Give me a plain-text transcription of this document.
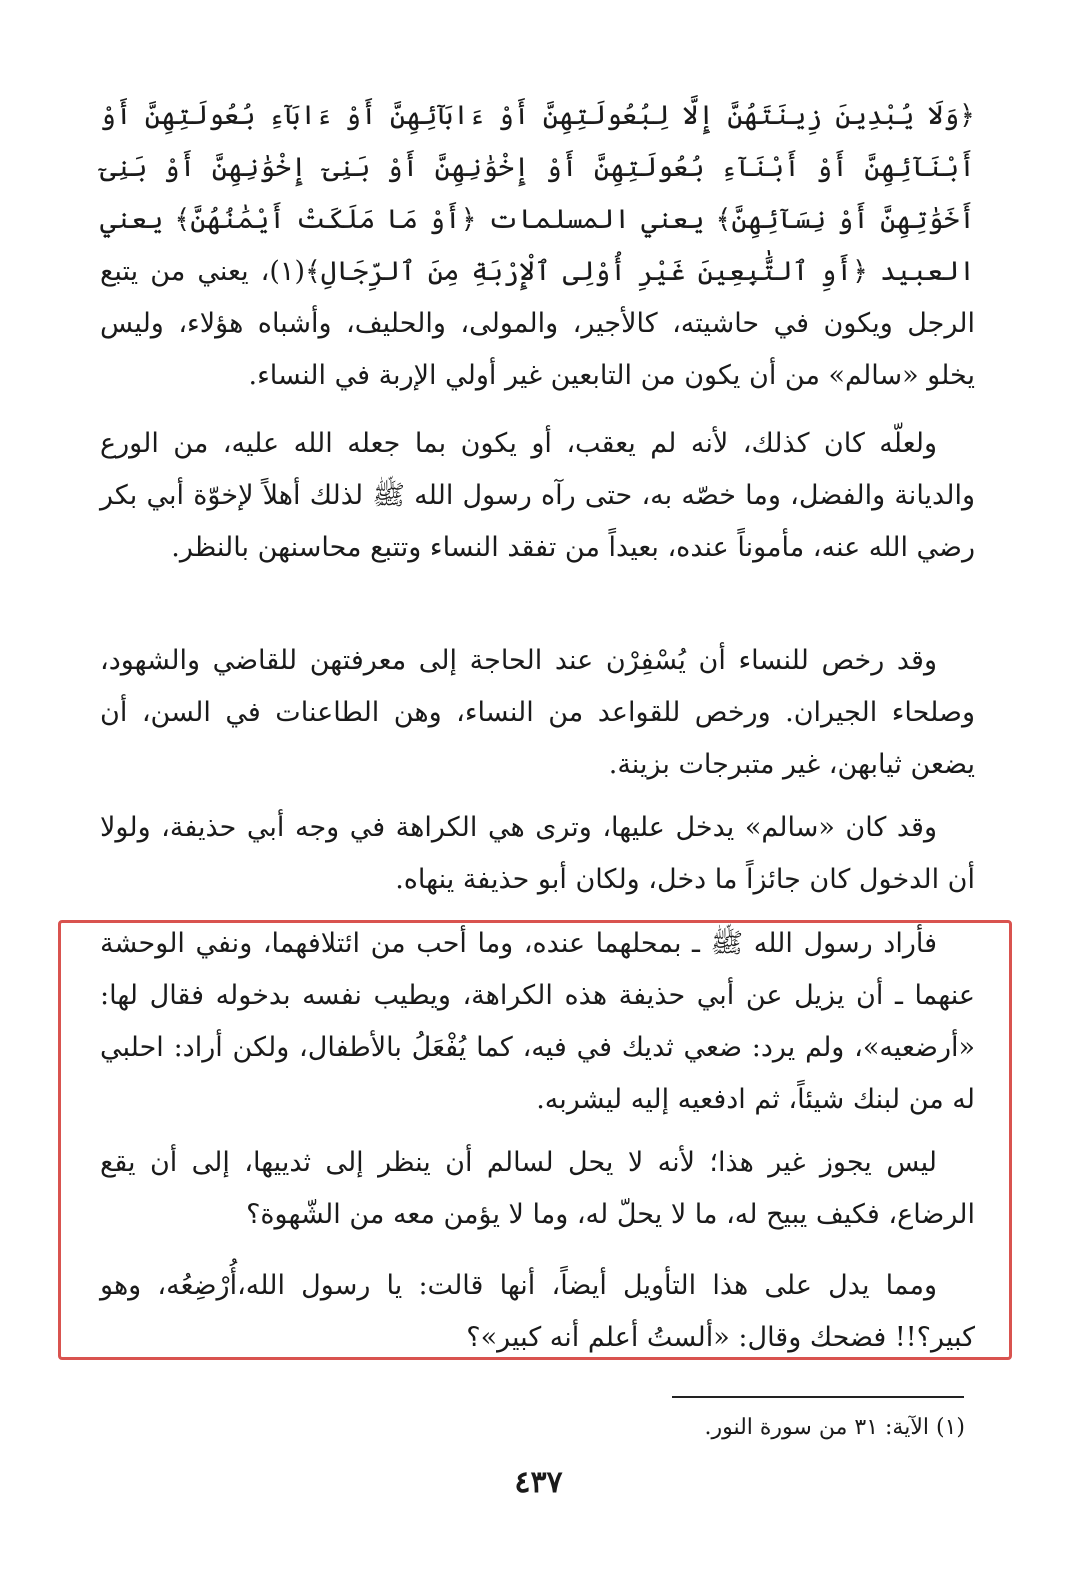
﴿وَلَا يُبْدِينَ زِينَتَهُنَّ إِلَّا لِبُعُولَتِهِنَّ أَوْ ءَابَآئِهِنَّ أَوْ ءَابَآءِ بُعُولَتِهِنَّ أَوْ أَبْنَآئِهِنَّ أَوْ أَبْنَآءِ بُعُولَتِهِنَّ أَوْ إِخْوَٰنِهِنَّ أَوْ بَنِىٓ إِخْوَٰنِهِنَّ أَوْ بَنِىٓ أَخَوَٰتِهِنَّ أَوْ نِسَآئِهِنَّ﴾ يعني المسلمات ﴿أَوْ مَا مَلَكَتْ أَيْمَٰنُهُنَّ﴾ يعني العبيد ﴿أَوِ ٱلتَّٰبِعِينَ غَيْرِ أُوْلِى ٱلْإِرْبَةِ مِنَ ٱلرِّجَالِ﴾(١)، يعني من يتبع الرجل ويكون في حاشيته، كالأجير، والمولى، والحليف، وأشباه هؤلاء، وليس يخلو «سالم» من أن يكون من التابعين غير أولي الإربة في النساء.

ولعلّه كان كذلك، لأنه لم يعقب، أو يكون بما جعله الله عليه، من الورع والديانة والفضل، وما خصّه به، حتى رآه رسول الله ﷺ لذلك أهلاً لإخوّة أبي بكر رضي الله عنه، مأموناً عنده، بعيداً من تفقد النساء وتتبع محاسنهن بالنظر.

وقد رخص للنساء أن يُسْفِرْن عند الحاجة إلى معرفتهن للقاضي والشهود، وصلحاء الجيران. ورخص للقواعد من النساء، وهن الطاعنات في السن، أن يضعن ثيابهن، غير متبرجات بزينة.

وقد كان «سالم» يدخل عليها، وترى هي الكراهة في وجه أبي حذيفة، ولولا أن الدخول كان جائزاً ما دخل، ولكان أبو حذيفة ينهاه.

فأراد رسول الله ﷺ ـ بمحلهما عنده، وما أحب من ائتلافهما، ونفي الوحشة عنهما ـ أن يزيل عن أبي حذيفة هذه الكراهة، ويطيب نفسه بدخوله فقال لها: «أرضعيه»، ولم يرد: ضعي ثديك في فيه، كما يُفْعَلُ بالأطفال، ولكن أراد: احلبي له من لبنك شيئاً، ثم ادفعيه إليه ليشربه.

ليس يجوز غير هذا؛ لأنه لا يحل لسالم أن ينظر إلى ثدييها، إلى أن يقع الرضاع، فكيف يبيح له، ما لا يحلّ له، وما لا يؤمن معه من الشّهوة؟

ومما يدل على هذا التأويل أيضاً، أنها قالت: يا رسول الله،أُرْضِعُه، وهو كبير؟!! فضحك وقال: «ألستُ أعلم أنه كبير»؟

(١) الآية: ٣١ من سورة النور.
٤٣٧
